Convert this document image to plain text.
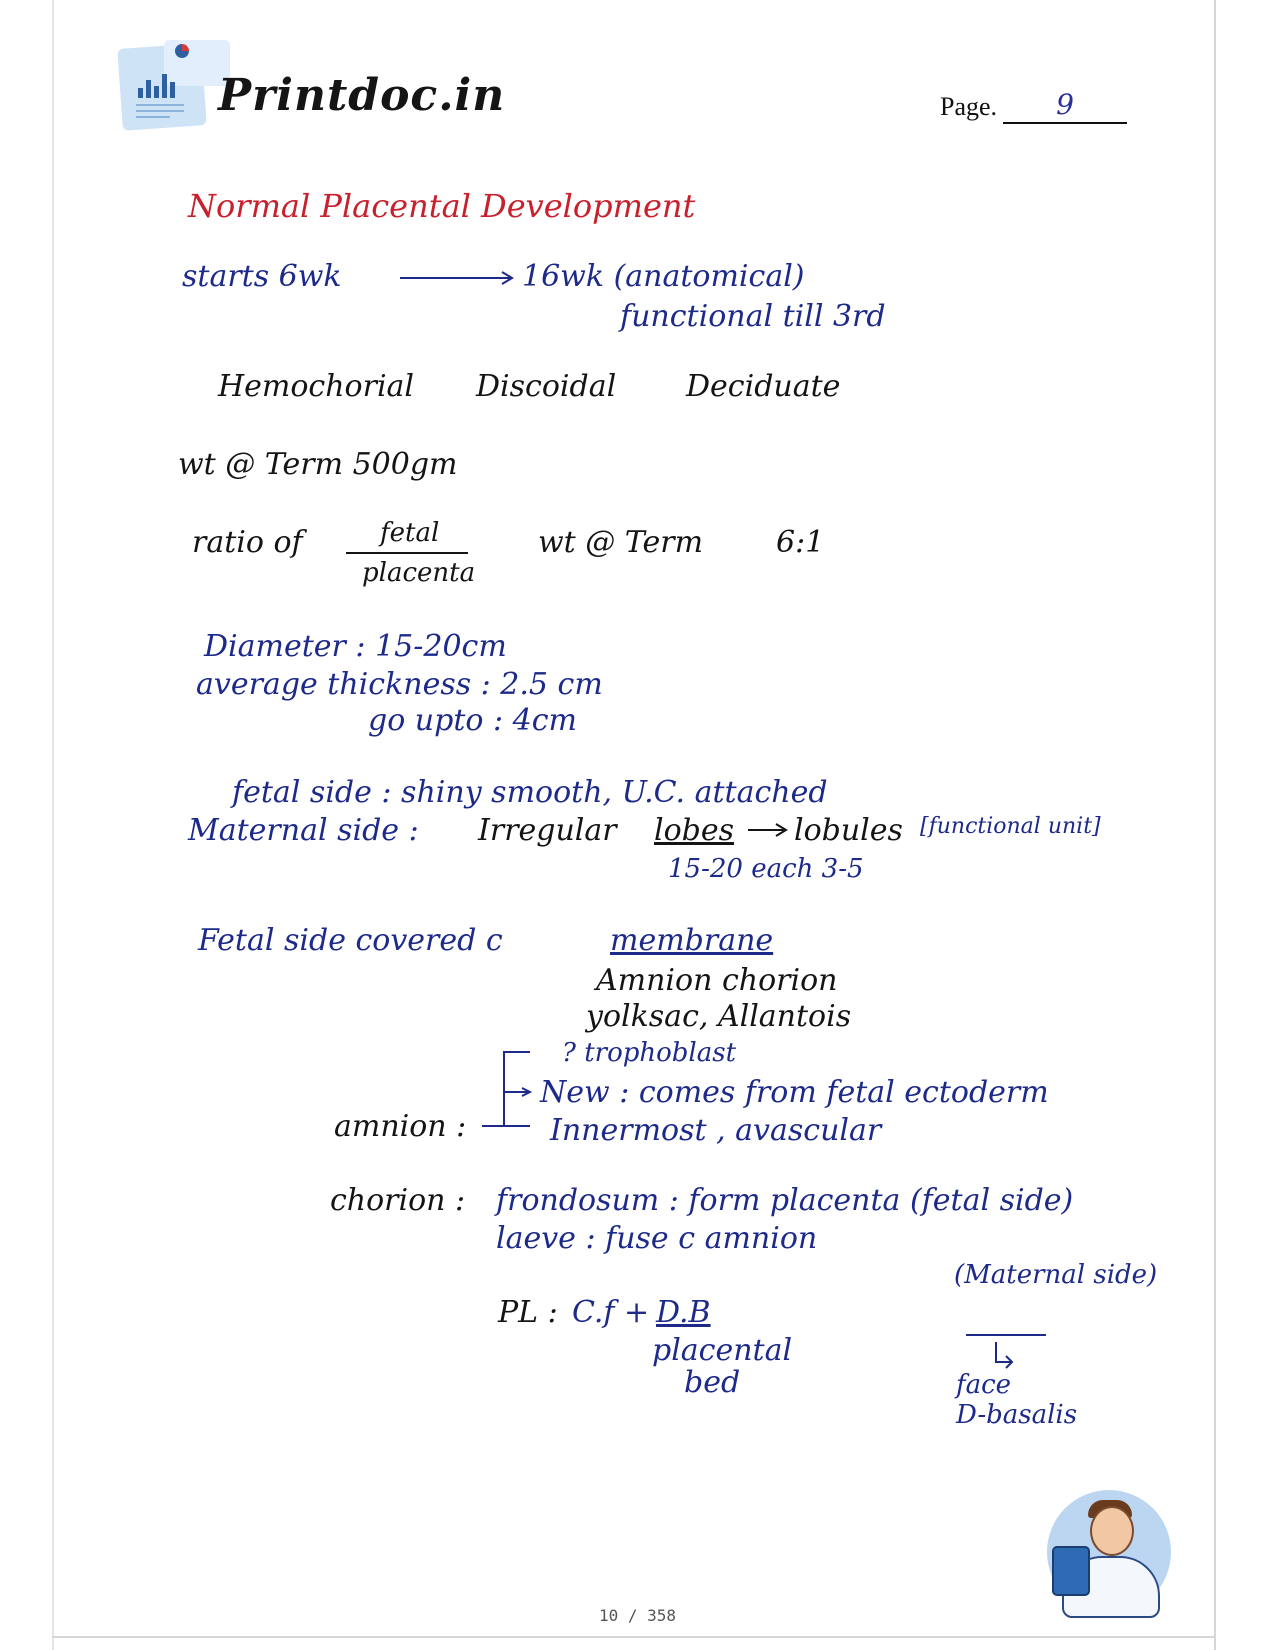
Printdoc.in	Page.	9
Normal Placental Development
starts 6wk	16wk (anatomical)
functional till 3rd
Hemochorial Discoidal Deciduate
wt @ Term 500gm
ratio of	fetal
placenta
wt @ Term 6:1
Diameter : 15-20cm
average thickness : 2.5 cm
go upto : 4cm
fetal side : shiny smooth, U.C. attached
Maternal side : Irregular lobes lobules [functional unit]
15-20 each 3-5
Fetal side covered c	membrane
Amnion chorion
yolksac, Allantois
? trophoblast
New : comes from fetal ectoderm
amnion :	Innermost , avascular
chorion : frondosum : form placenta (fetal side)
laeve : fuse c amnion
(Maternal side)
PL : C.f + D.B
placental
bed	face
D-basalis
10 / 358
